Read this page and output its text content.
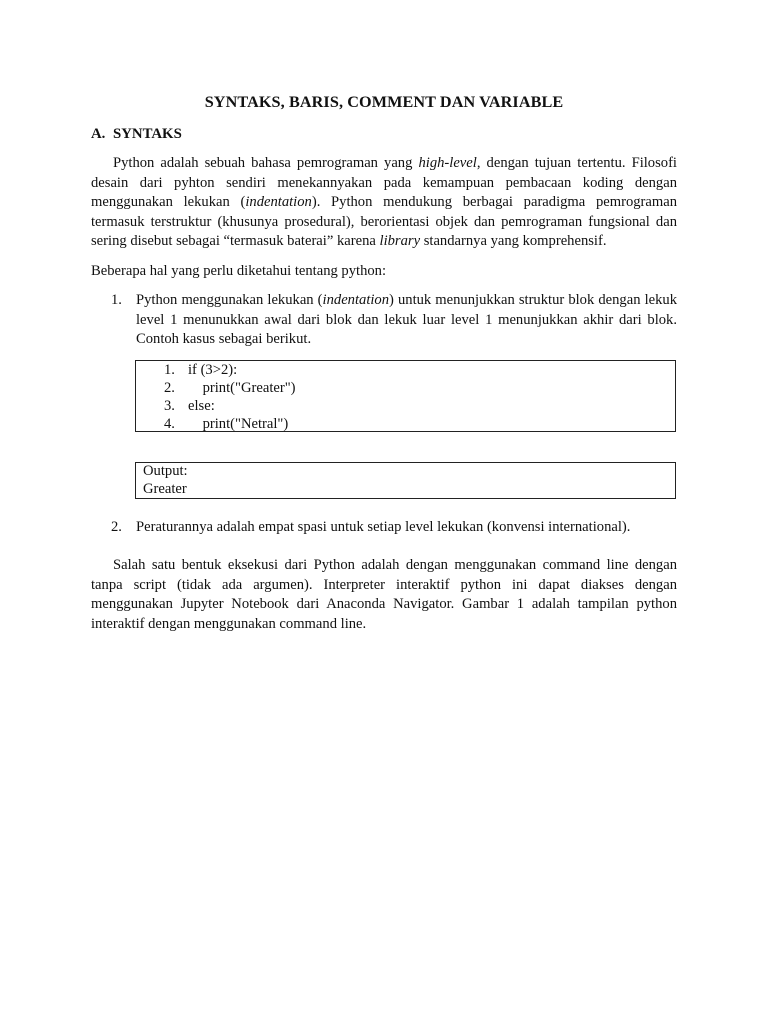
SYNTAKS, BARIS, COMMENT DAN VARIABLE
A. SYNTAKS

Python adalah sebuah bahasa pemrograman yang high-level, dengan tujuan tertentu. Filosofi desain dari pyhton sendiri menekannyakan pada kemampuan pembacaan koding dengan menggunakan lekukan (indentation). Python mendukung berbagai paradigma pemrograman termasuk terstruktur (khusunya prosedural), berorientasi objek dan pemrograman fungsional dan sering disebut sebagai “termasuk baterai” karena library standarnya yang komprehensif.

Beberapa hal yang perlu diketahui tentang python:

1. Python menggunakan lekukan (indentation) untuk menunjukkan struktur blok dengan lekuk level 1 menunukkan awal dari blok dan lekuk luar level 1 menunjukkan akhir dari blok. Contoh kasus sebagai berikut.

1. if (3>2):
2.    print("Greater")
3. else:
4.    print("Netral")
Output:
Greater
2. Peraturannya adalah empat spasi untuk setiap level lekukan (konvensi international).

Salah satu bentuk eksekusi dari Python adalah dengan menggunakan command line dengan tanpa script (tidak ada argumen). Interpreter interaktif python ini dapat diakses dengan menggunakan Jupyter Notebook dari Anaconda Navigator. Gambar 1 adalah tampilan python interaktif dengan menggunakan command line.
